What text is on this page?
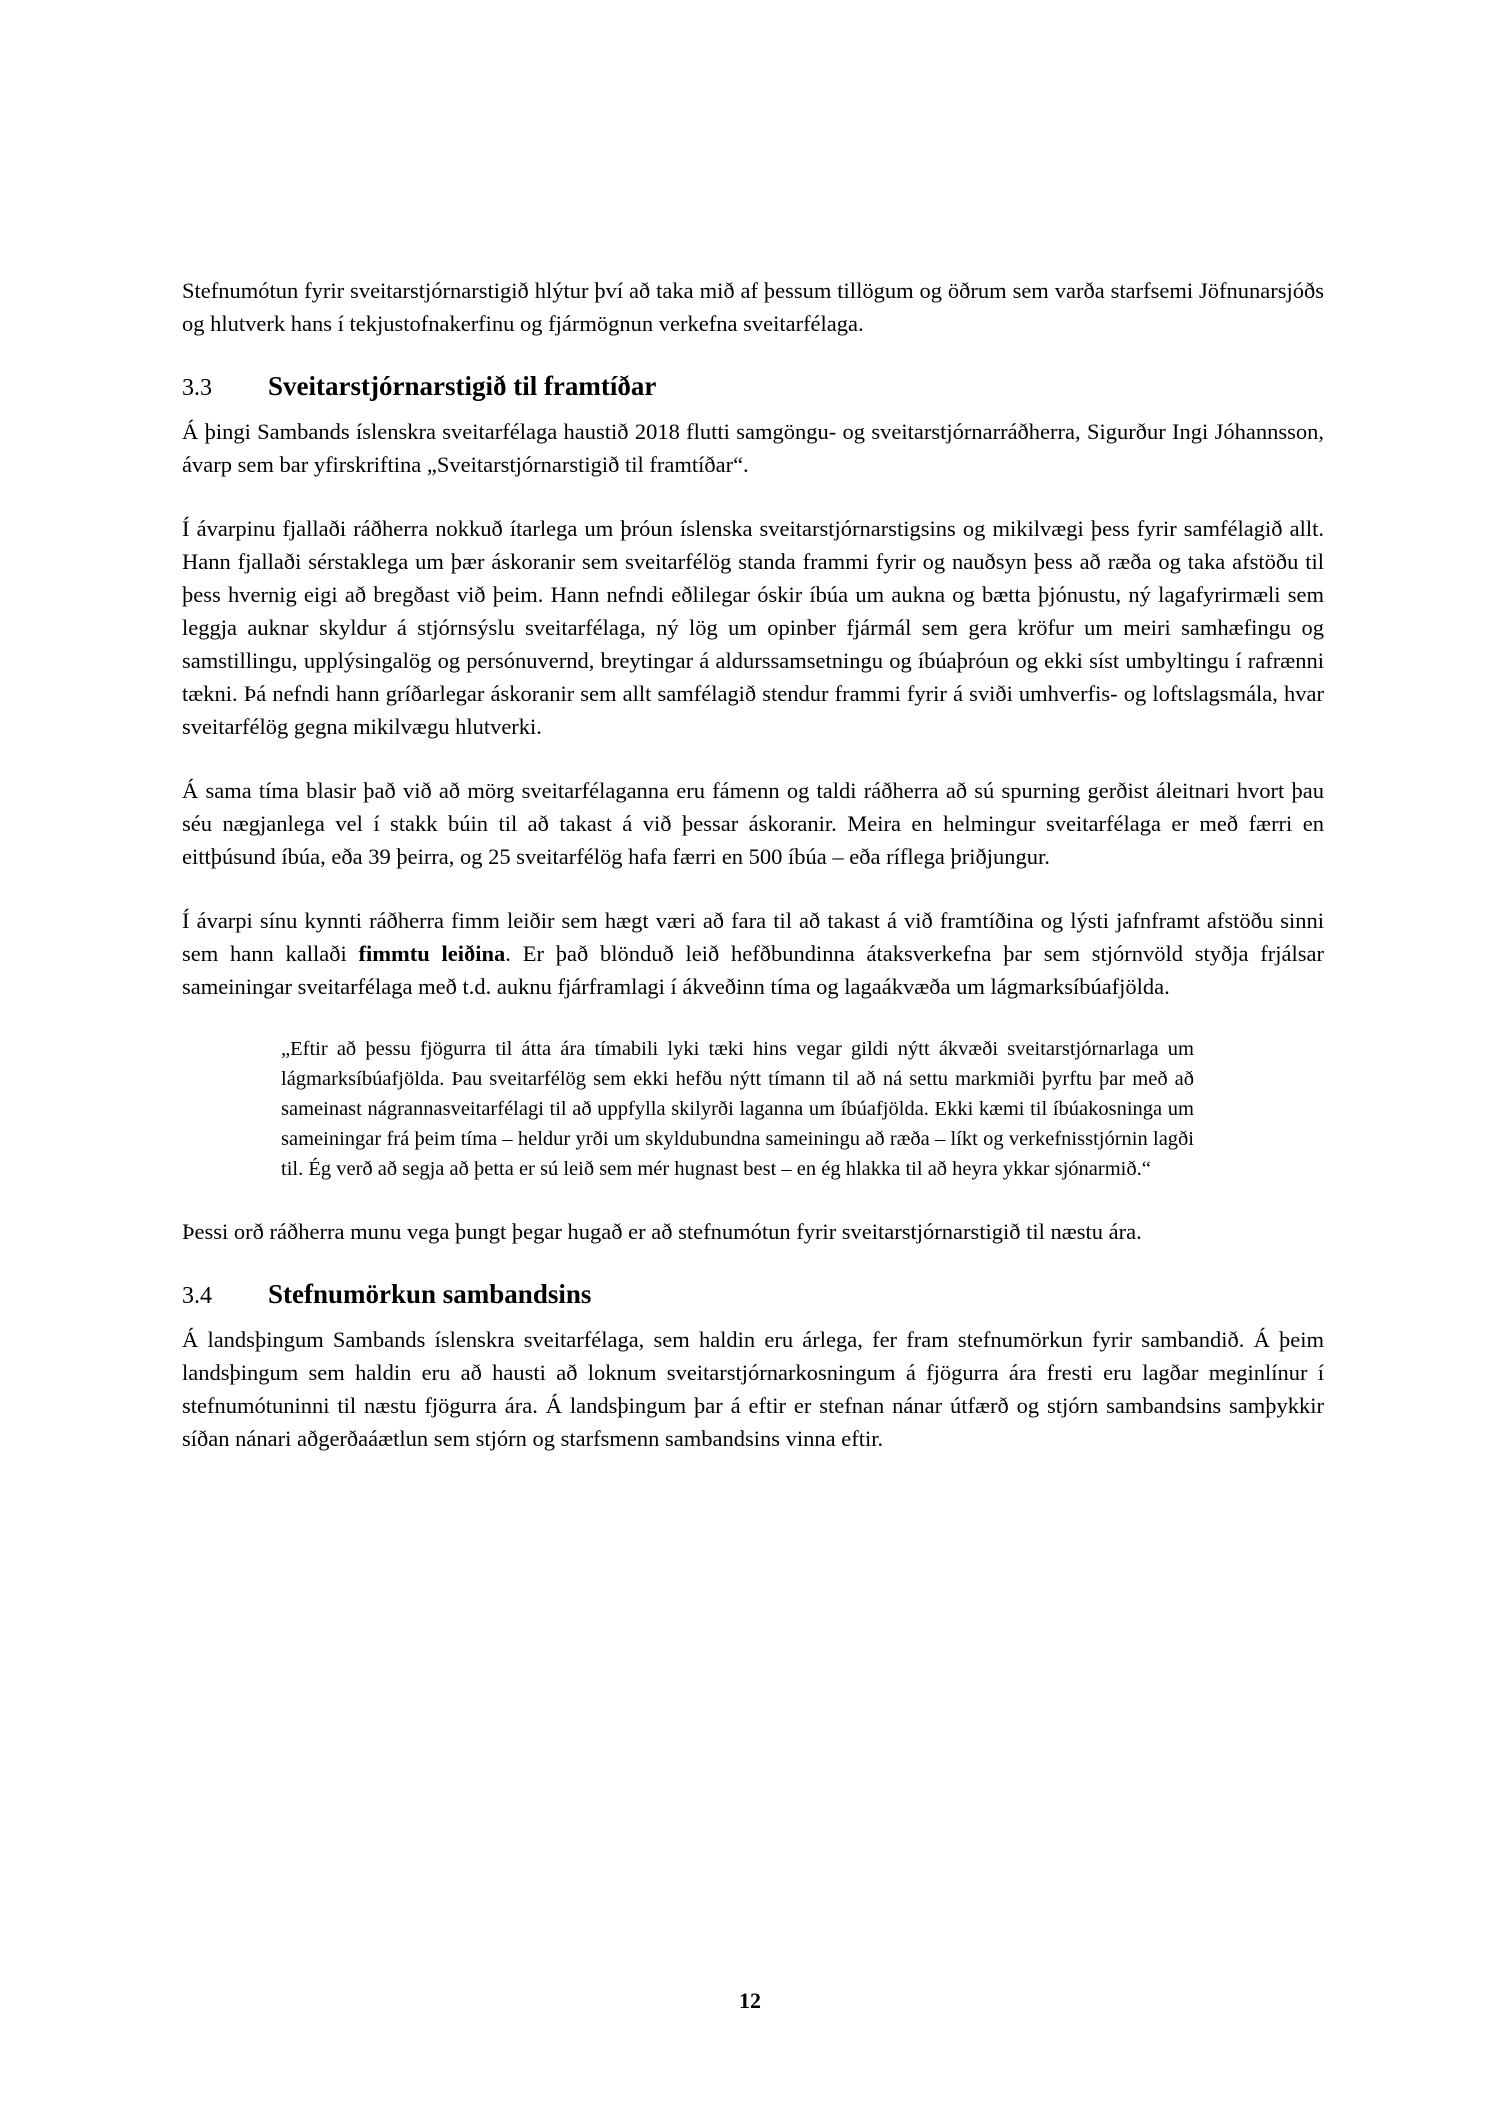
Stefnumótun fyrir sveitarstjórnarstigið hlýtur því að taka mið af þessum tillögum og öðrum sem varða starfsemi Jöfnunarsjóðs og hlutverk hans í tekjustofnakerfinu og fjármögnun verkefna sveitarfélaga.

3.3	Sveitarstjórnarstigið til framtíðar

Á þingi Sambands íslenskra sveitarfélaga haustið 2018 flutti samgöngu- og sveitarstjórnarráðherra, Sigurður Ingi Jóhannsson, ávarp sem bar yfirskriftina „Sveitarstjórnarstigið til framtíðar“.

Í ávarpinu fjallaði ráðherra nokkuð ítarlega um þróun íslenska sveitarstjórnarstigsins og mikilvægi þess fyrir samfélagið allt. Hann fjallaði sérstaklega um þær áskoranir sem sveitarfélög standa frammi fyrir og nauðsyn þess að ræða og taka afstöðu til þess hvernig eigi að bregðast við þeim. Hann nefndi eðlilegar óskir íbúa um aukna og bætta þjónustu, ný lagafyrirmæli sem leggja auknar skyldur á stjórnsýslu sveitarfélaga, ný lög um opinber fjármál sem gera kröfur um meiri samhæfingu og samstillingu, upplýsingalög og persónuvernd, breytingar á aldurssamsetningu og íbúaþróun og ekki síst umbyltingu í rafrænni tækni. Þá nefndi hann gríðarlegar áskoranir sem allt samfélagið stendur frammi fyrir á sviði umhverfis- og loftslagsmála, hvar sveitarfélög gegna mikilvægu hlutverki.

Á sama tíma blasir það við að mörg sveitarfélaganna eru fámenn og taldi ráðherra að sú spurning gerðist áleitnari hvort þau séu nægjanlega vel í stakk búin til að takast á við þessar áskoranir. Meira en helmingur sveitarfélaga er með færri en eittþúsund íbúa, eða 39 þeirra, og 25 sveitarfélög hafa færri en 500 íbúa – eða ríflega þriðjungur.

Í ávarpi sínu kynnti ráðherra fimm leiðir sem hægt væri að fara til að takast á við framtíðina og lýsti jafnframt afstöðu sinni sem hann kallaði fimmtu leiðina. Er það blönduð leið hefðbundinna átaksverkefna þar sem stjórnvöld styðja frjálsar sameiningar sveitarfélaga með t.d. auknu fjárframlagi í ákveðinn tíma og lagaákvæða um lágmarksíbúafjölda.

„Eftir að þessu fjögurra til átta ára tímabili lyki tæki hins vegar gildi nýtt ákvæði sveitarstjórnarlaga um lágmarksíbúafjölda. Þau sveitarfélög sem ekki hefðu nýtt tímann til að ná settu markmiði þyrftu þar með að sameinast nágrannasveitarfélagi til að uppfylla skilyrði laganna um íbúafjölda. Ekki kæmi til íbúakosninga um sameiningar frá þeim tíma – heldur yrði um skyldubundna sameiningu að ræða – líkt og verkefnisstjórnin lagði til. Ég verð að segja að þetta er sú leið sem mér hugnast best – en ég hlakka til að heyra ykkar sjónarmið.“

Þessi orð ráðherra munu vega þungt þegar hugað er að stefnumótun fyrir sveitarstjórnarstigið til næstu ára.

3.4	Stefnumörkun sambandsins

Á landsþingum Sambands íslenskra sveitarfélaga, sem haldin eru árlega, fer fram stefnumörkun fyrir sambandið. Á þeim landsþingum sem haldin eru að hausti að loknum sveitarstjórnarkosningum á fjögurra ára fresti eru lagðar meginlínur í stefnumótuninni til næstu fjögurra ára. Á landsþingum þar á eftir er stefnan nánar útfærð og stjórn sambandsins samþykkir síðan nánari aðgerðaáætlun sem stjórn og starfsmenn sambandsins vinna eftir.

12
